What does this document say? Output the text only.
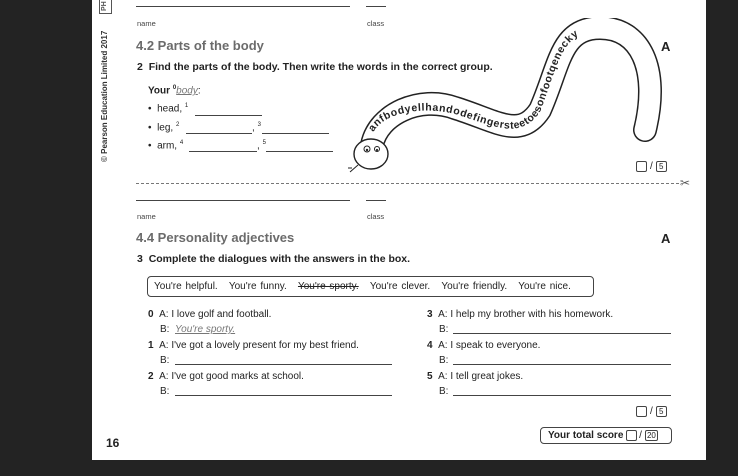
PH
© Pearson Education Limited 2017
name	class
4.2 Parts of the body	A
2 Find the parts of the body. Then write the words in the correct group.
Your $^0$body:
• head, $^1$
• leg, $^2$	, $^3$
• arm, $^4$	, $^5$
anfbodyellhandodefingersteetoesonfootqenecky
/ 5
✂
name	class
4.4 Personality adjectives	A
3 Complete the dialogues with the answers in the box.
You're helpful. You're funny. You're sporty. You're clever. You're friendly. You're nice.
0 A: I love golf and football.
B: You're sporty.
1 A: I've got a lovely present for my best friend.
B:
2 A: I've got good marks at school.
B:
3 A: I help my brother with his homework.
B:
4 A: I speak to everyone.
B:
5 A: I tell great jokes.
B:
/ 5
Your total score
/ 20
16
